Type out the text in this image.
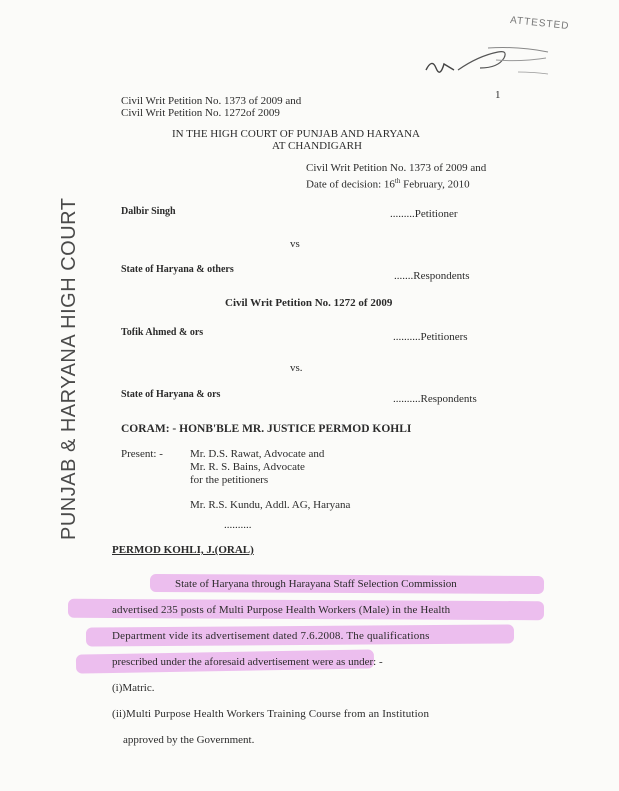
ATTESTED
1
PUNJAB & HARYANA HIGH COURT
Civil Writ Petition No. 1373 of 2009 and
Civil Writ Petition No. 1272of 2009
IN THE HIGH COURT OF PUNJAB AND HARYANA
AT CHANDIGARH
Civil Writ Petition No. 1373 of 2009 and
Date of decision: 16th February, 2010
Dalbir Singh	.........Petitioner
vs
State of Haryana & others
.......Respondents
Civil Writ Petition No. 1272 of 2009
Tofik Ahmed & ors	..........Petitioners
vs.
State of Haryana & ors	..........Respondents
CORAM: - HONB'BLE MR. JUSTICE PERMOD KOHLI
Present: - Mr. D.S. Rawat, Advocate and
Mr. R. S. Bains, Advocate
for the petitioners
Mr. R.S. Kundu, Addl. AG, Haryana
..........
PERMOD KOHLI, J.(ORAL)
State of Haryana through Harayana Staff Selection Commission
advertised 235 posts of Multi Purpose Health Workers (Male) in the Health
Department vide its advertisement dated 7.6.2008. The qualifications
prescribed under the aforesaid advertisement were as under: -
(i)Matric.
(ii)Multi Purpose Health Workers Training Course from an Institution
approved by the Government.
